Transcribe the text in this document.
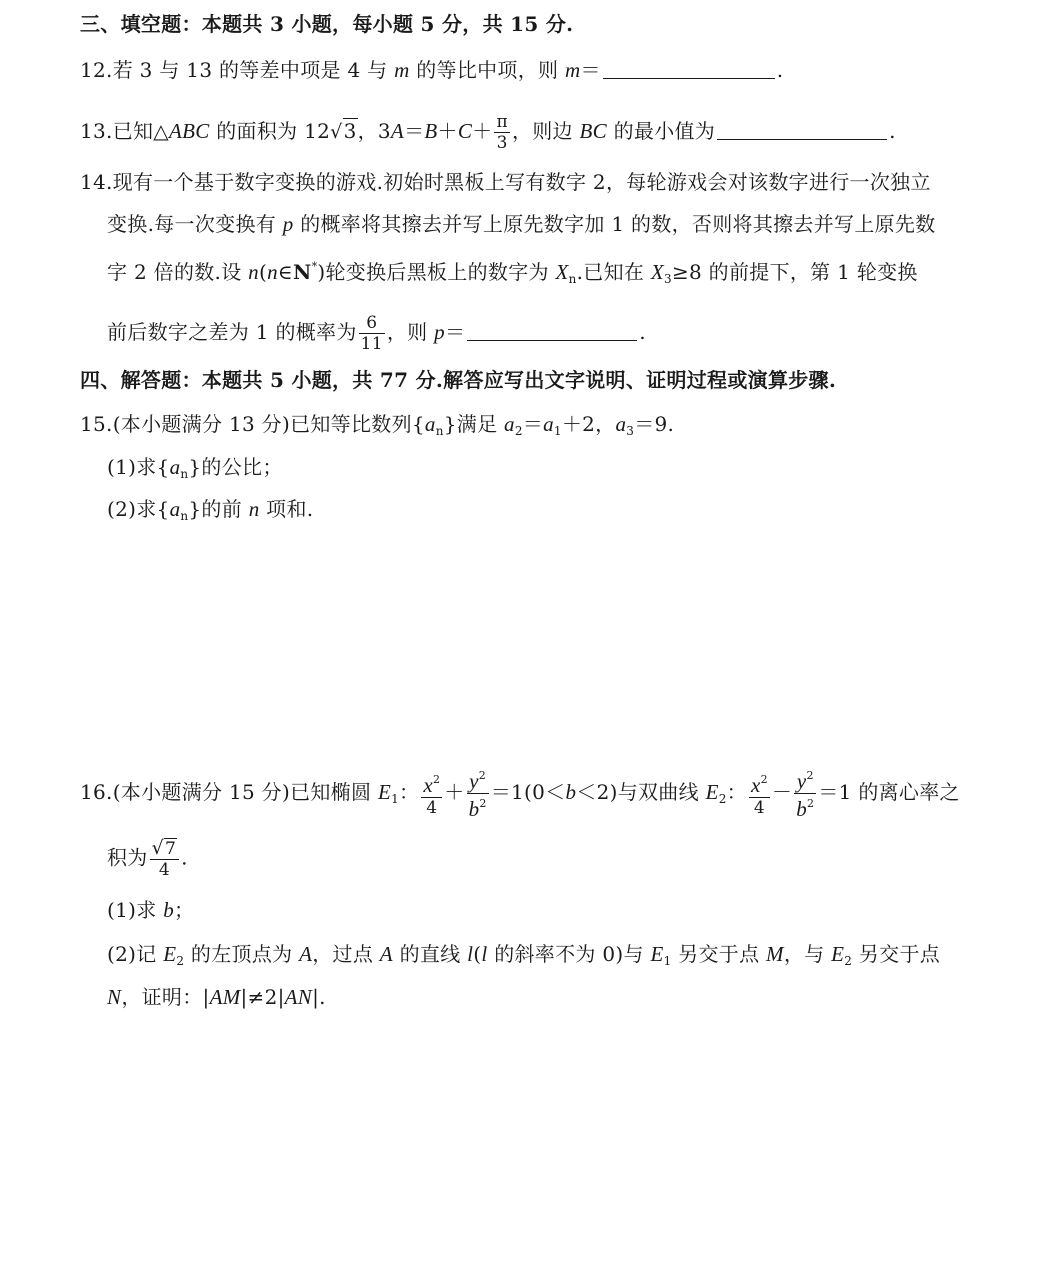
三、填空题：本题共 3 小题，每小题 5 分，共 15 分.
12.若 3 与 13 的等差中项是 4 与 m 的等比中项，则 m＝	.
13.已知△ABC 的面积为 12√3，$3A=B+C+ \frac{\pi}{3}$ ，则边 BC 的最小值为	.
14.现有一个基于数字变换的游戏.初始时黑板上写有数字 2，每轮游戏会对该数字进行一次独立
变换.每一次变换有 p 的概率将其擦去并写上原先数字加 1 的数，否则将其擦去并写上原先数
字 2 倍的数.设 n(n∈N*)轮变换后黑板上的数字为 $X_n$.已知在 $X_3\ge 8$ 的前提下，第 1 轮变换
前后数字之差为 1 的概率为 $\frac{6}{11}$ ，则 p＝	.
四、解答题：本题共 5 小题，共 77 分.解答应写出文字说明、证明过程或演算步骤.
15.(本小题满分 13 分)已知等比数列$\{a_n\}$满足 $a_2=a_1+2$，$a_3=9$.
(1)求$\{a_n\}$的公比；
(2)求$\{a_n\}$的前 n 项和.
16.(本小题满分 15 分)已知椭圆 $E_1$： $\frac{x^2}{4} + \frac{y^2}{b^2} =1(0<b<2)$与双曲线 $E_2$： $\frac{x^2}{4} - \frac{y^2}{b^2} =1$ 的离心率之
积为 $\frac{√7}{4}$ .
(1)求 b；
(2)记 $E_2$ 的左顶点为 A，过点 A 的直线 l(l 的斜率不为 0)与 $E_1$ 另交于点 M，与 $E_2$ 另交于点
N，证明：|AM|≠2|AN|.
